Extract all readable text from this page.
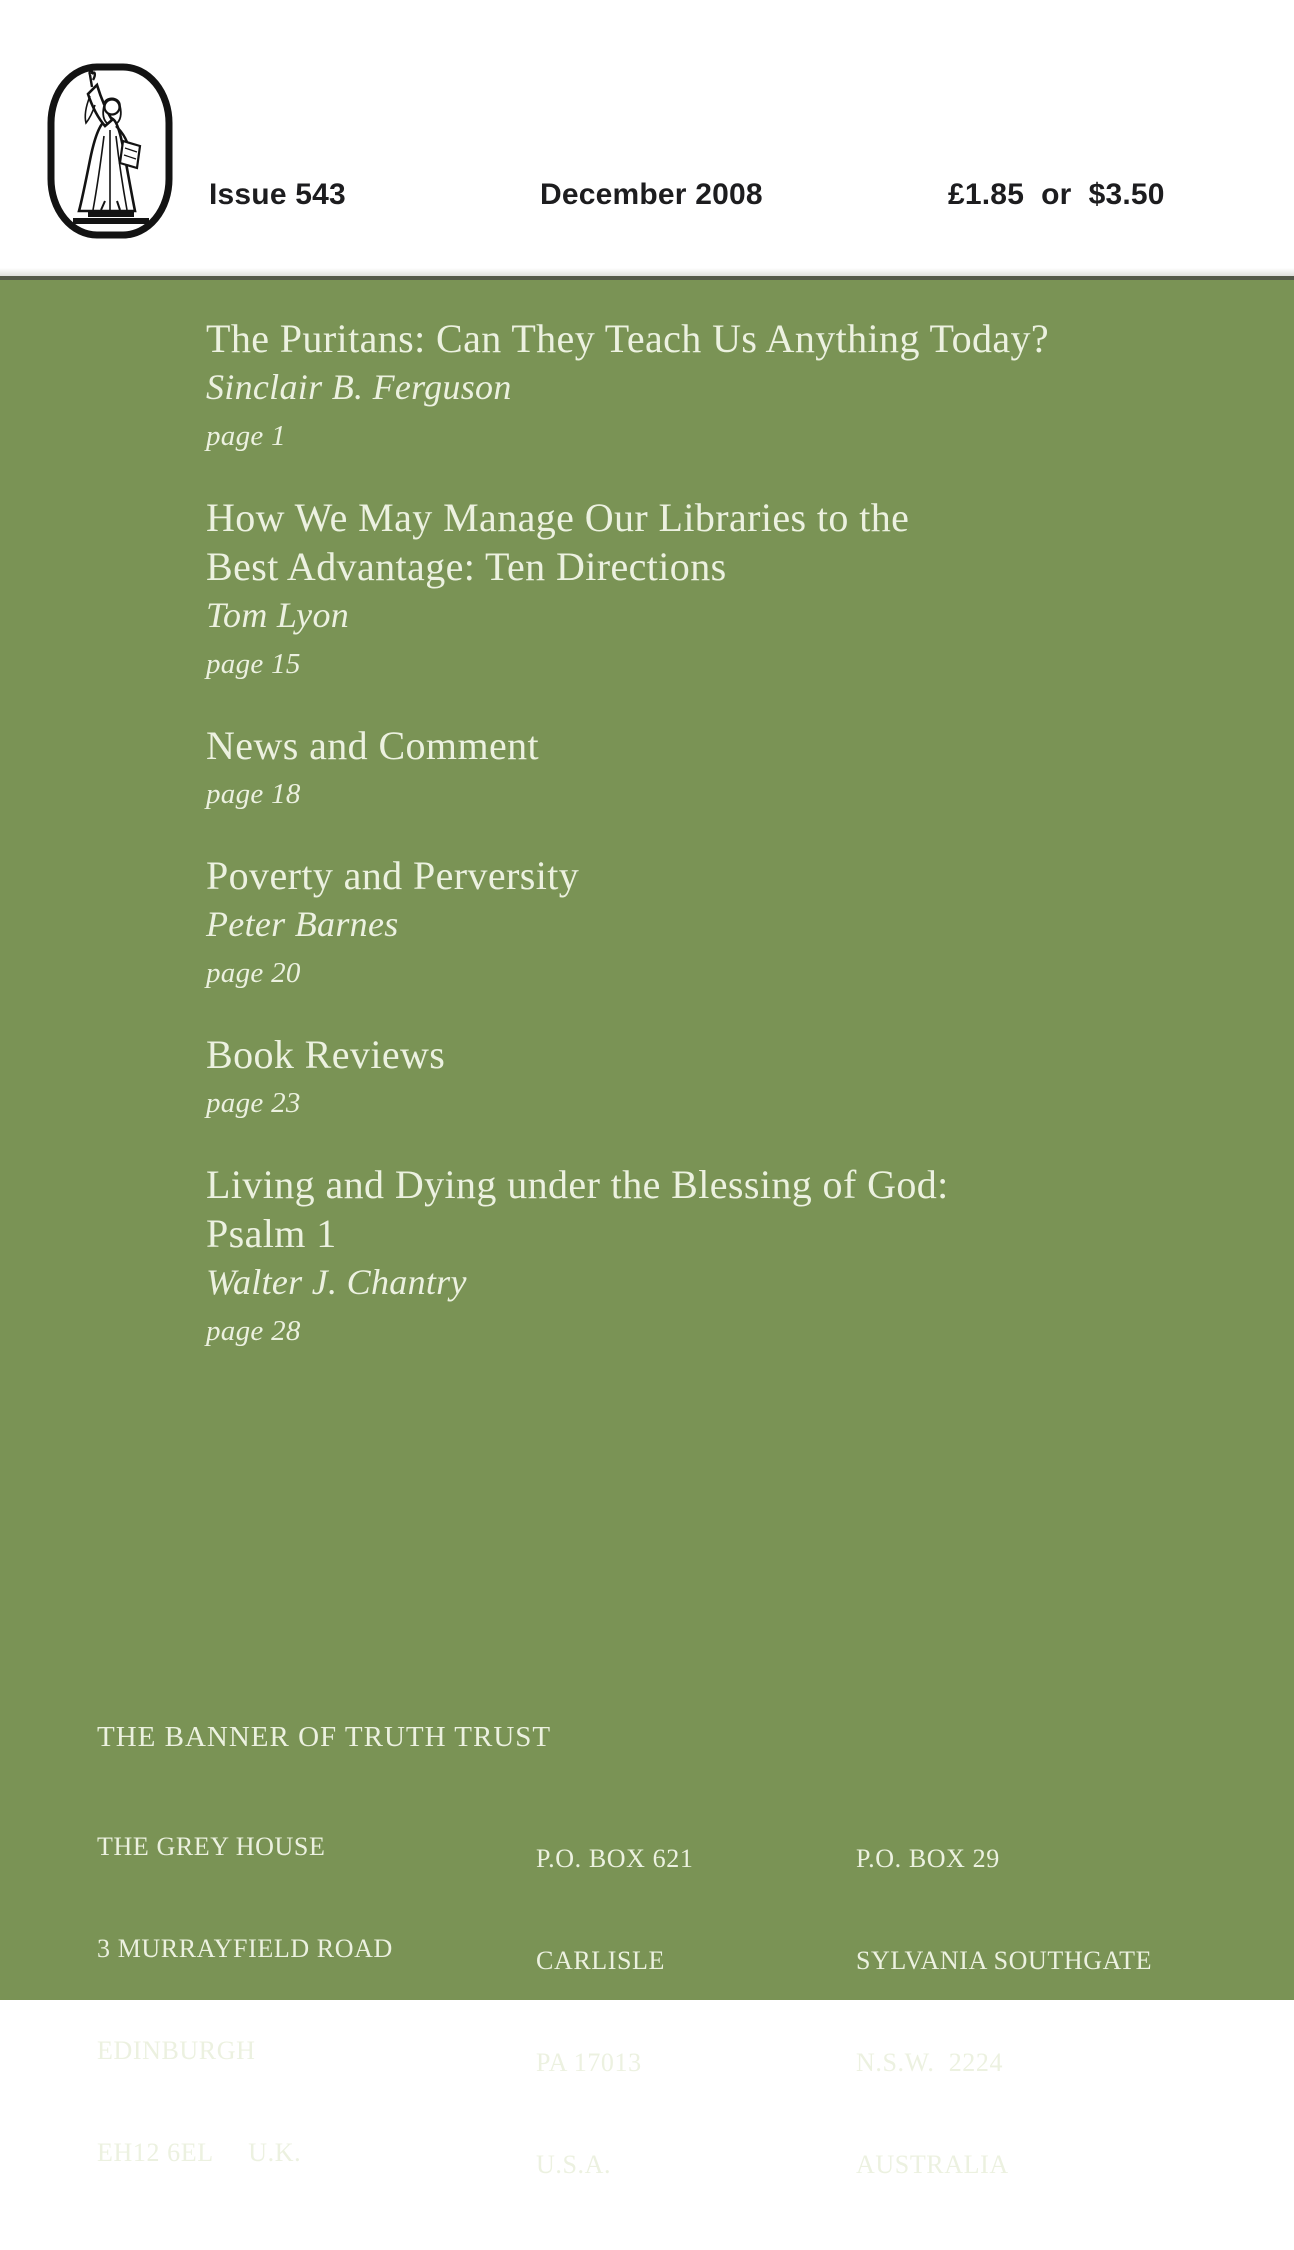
Issue 543	December 2008	£1.85  or  $3.50
The Puritans: Can They Teach Us Anything Today?
Sinclair B. Ferguson
page 1
How We May Manage Our Libraries to the
Best Advantage: Ten Directions
Tom Lyon
page 15
News and Comment
page 18
Poverty and Perversity
Peter Barnes
page 20
Book Reviews
page 23
Living and Dying under the Blessing of God:
Psalm 1
Walter J. Chantry
page 28
THE BANNER OF TRUTH TRUST

THE GREY HOUSE

3 MURRAYFIELD ROAD

EDINBURGH

EH12 6EL     U.K.

P.O. BOX 621

CARLISLE

PA 17013

U.S.A.

P.O. BOX 29

SYLVANIA SOUTHGATE

N.S.W.  2224

AUSTRALIA
